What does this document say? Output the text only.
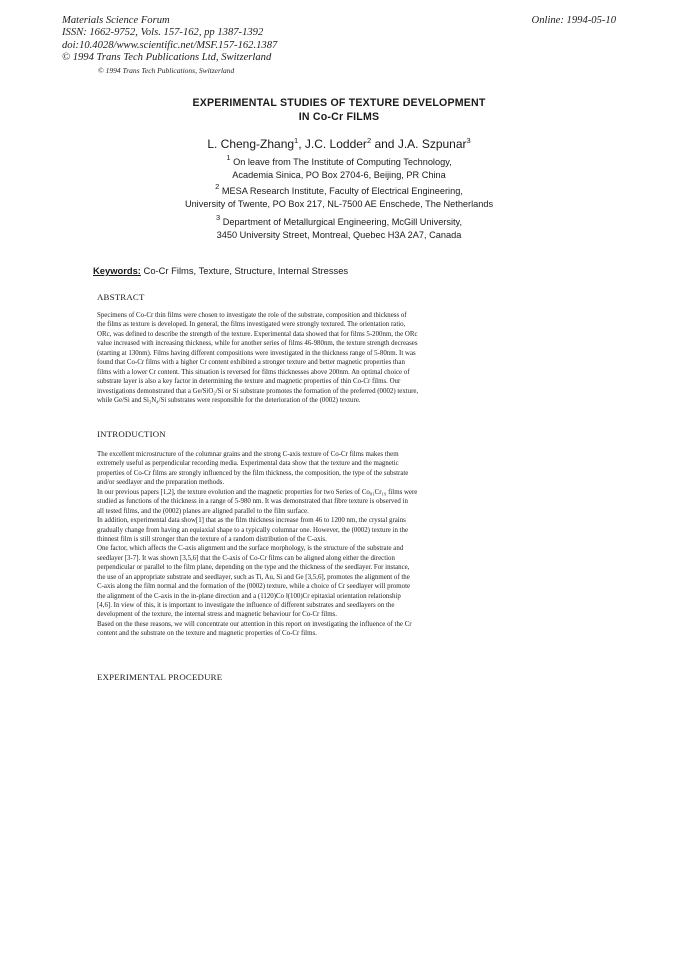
Materials Science Forum
ISSN: 1662-9752, Vols. 157-162, pp 1387-1392
doi:10.4028/www.scientific.net/MSF.157-162.1387
© 1994 Trans Tech Publications Ltd, Switzerland
Online: 1994-05-10
© 1994 Trans Tech Publications, Switzerland
EXPERIMENTAL STUDIES OF TEXTURE DEVELOPMENT
IN Co-Cr FILMS
L. Cheng-Zhang$^1$, J.C. Lodder$^2$ and J.A. Szpunar$^3$
$^1$ On leave from The Institute of Computing Technology,
Academia Sinica, PO Box 2704-6, Beijing, PR China
$^2$ MESA Research Institute, Faculty of Electrical Engineering,
University of Twente, PO Box 217, NL-7500 AE Enschede, The Netherlands
$^3$ Department of Metallurgical Engineering, McGill University,
3450 University Street, Montreal, Quebec H3A 2A7, Canada
Keywords: Co-Cr Films, Texture, Structure, Internal Stresses
ABSTRACT
Specimens of Co-Cr thin films were chosen to investigate the role of the substrate, composition and thickness of
the films as texture is developed. In general, the films investigated were strongly textured. The orientation ratio,
ORc, was defined to describe the strength of the texture. Experimental data showed that for films 5-200nm, the ORc
value increased with increasing thickness, while for another series of films 46-980nm, the texture strength decreases
(starting at 130nm). Films having different compositions were investigated in the thickness range of 5-80nm. It was
found that Co-Cr films with a higher Cr content exhibited a stronger texture and better magnetic properties than
films with a lower Cr content. This situation is reversed for films thicknesses above 200nm. An optimal choice of
substrate layer is also a key factor in determining the texture and magnetic properties of thin Co-Cr films. Our
investigations demonstrated that a Ge/SiO₂/Si or Si substrate promotes the formation of the preferred (0002) texture,
while Ge/Si and Si₃N₄/Si substrates were responsible for the deterioration of the (0002) texture.
INTRODUCTION
The excellent microstructure of the columnar grains and the strong C-axis texture of Co-Cr films makes them
extremely useful as perpendicular recording media. Experimental data show that the texture and the magnetic
properties of Co-Cr films are strongly influenced by the film thickness, the composition, the type of the substrate
and/or seedlayer and the preparation methods.
In our previous papers [1,2], the texture evolution and the magnetic properties for two Series of Co₈₁Cr₁₉ films were
studied as functions of the thickness in a range of 5-980 nm. It was demonstrated that fibre texture is observed in
all tested films, and the (0002) planes are aligned parallel to the film surface.
In addition, experimental data show[1] that as the film thickness increase from 46 to 1200 nm, the crystal grains
gradually change from having an equiaxial shape to a typically columnar one. However, the (0002) texture in the
thinnest film is still stronger than the texture of a random distribution of the C-axis.
One factor, which affects the C-axis alignment and the surface morphology, is the structure of the substrate and
seedlayer [3-7]. It was shown [3,5,6] that the C-axis of Co-Cr films can be aligned along either the direction
perpendicular or parallel to the film plane, depending on the type and the thickness of the seedlayer. For instance,
the use of an appropriate substrate and seedlayer, such as Ti, Au, Si and Ge [3,5,6], promotes the alignment of the
C-axis along the film normal and the formation of the (0002) texture, while a choice of Cr seedlayer will promote
the alignment of the C-axis in the in-plane direction and a (1120)Co ‖(100)Cr epitaxial orientation relationship
[4,6]. In view of this, it is important to investigate the influence of different substrates and seedlayers on the
development of the texture, the internal stress and magnetic behaviour for Co-Cr films.
Based on the these reasons, we will concentrate our attention in this report on investigating the influence of the Cr
content and the substrate on the texture and magnetic properties of Co-Cr films.
EXPERIMENTAL PROCEDURE
